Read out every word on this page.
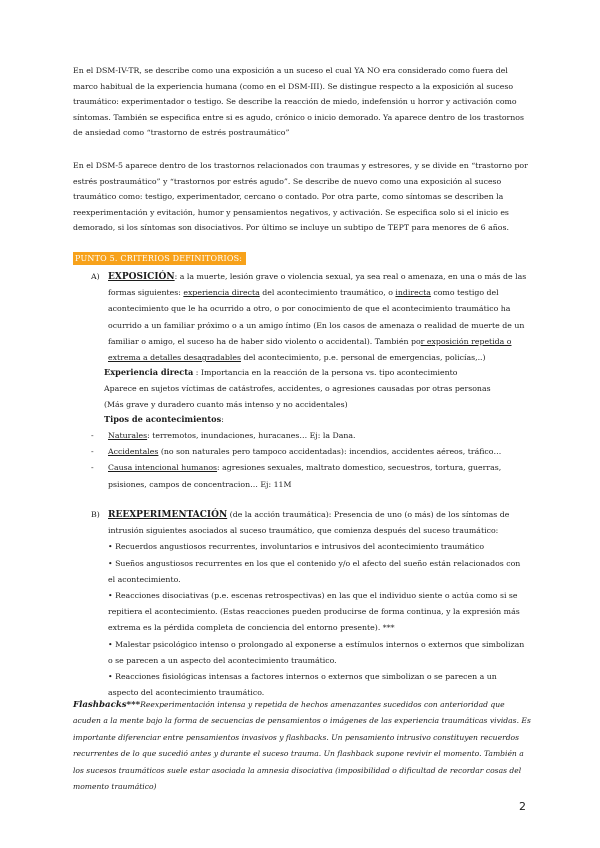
En el DSM-IV-TR, se describe como una exposición a un suceso el cual YA NO era considerado como fuera del marco habitual de la experiencia humana (como en el DSM-III). Se distingue respecto a la exposición al suceso traumático: experimentador o testigo. Se describe la reacción de miedo, indefensión u horror y activación como síntomas. También se especifica entre si es agudo, crónico o inicio demorado. Ya aparece dentro de los trastornos de ansiedad como “trastorno de estrés postraumático”

En el DSM-5 aparece dentro de los trastornos relacionados con traumas y estresores, y se divide en “trastorno por estrés postraumático” y “trastornos por estrés agudo”. Se describe de nuevo como una exposición al suceso traumático como: testigo, experimentador, cercano o contado. Por otra parte, como síntomas se describen la reexperimentación y evitación, humor y pensamientos negativos, y activación. Se especifica solo si el inicio es demorado, si los síntomas son disociativos. Por último se incluye un subtipo de TEPT para menores de 6 años.

PUNTO 5. CRITERIOS DEFINITORIOS:
A) EXPOSICIÓN: a la muerte, lesión grave o violencia sexual, ya sea real o amenaza, en una o más de las formas siguientes: experiencia directa del acontecimiento traumático, o indirecta como testigo del acontecimiento que le ha ocurrido a otro, o por conocimiento de que el acontecimiento traumático ha ocurrido a un familiar próximo o a un amigo íntimo (En los casos de amenaza o realidad de muerte de un familiar o amigo, el suceso ha de haber sido violento o accidental). También por exposición repetida o extrema a detalles desagradables del acontecimiento, p.e. personal de emergencias, policías,..)
Experiencia directa : Importancia en la reacción de la persona vs. tipo acontecimiento
Aparece en sujetos víctimas de catástrofes, accidentes, o agresiones causadas por otras personas (Más grave y duradero cuanto más intenso y no accidentales)
Tipos de acontecimientos:
- Naturales: terremotos, inundaciones, huracanes… Ej: la Dana.
- Accidentales (no son naturales pero tampoco accidentadas): incendios, accidentes aéreos, tráfico…
- Causa intencional humanos: agresiones sexuales, maltrato domestico, secuestros, tortura, guerras, psisiones, campos de concentracion… Ej: 11M
B) REEXPERIMENTACIÓN (de la acción traumática): Presencia de uno (o más) de los síntomas de intrusión siguientes asociados al suceso traumático, que comienza después del suceso traumático:
• Recuerdos angustiosos recurrentes, involuntarios e intrusivos del acontecimiento traumático
• Sueños angustiosos recurrentes en los que el contenido y/o el afecto del sueño están relacionados con el acontecimiento.
• Reacciones disociativas (p.e. escenas retrospectivas) en las que el individuo siente o actúa como si se repitiera el acontecimiento. (Estas reacciones pueden producirse de forma continua, y la expresión más extrema es la pérdida completa de conciencia del entorno presente). ***
• Malestar psicológico intenso o prolongado al exponerse a estímulos internos o externos que simbolizan o se parecen a un aspecto del acontecimiento traumático.
• Reacciones fisiológicas intensas a factores internos o externos que simbolizan o se parecen a un aspecto del acontecimiento traumático.
Flashbacks***Reexperimentación intensa y repetida de hechos amenazantes sucedidos con anterioridad que acuden a la mente bajo la forma de secuencias de pensamientos o imágenes de las experiencia traumáticas vividas. Es importante diferenciar entre pensamientos invasivos y flashbacks. Un pensamiento intrusivo constituyen recuerdos recurrentes de lo que sucedió antes y durante el suceso trauma. Un flashback supone revivir el momento. También a los sucesos traumáticos suele estar asociada la amnesia disociativa (imposibilidad o dificultad de recordar cosas del momento traumático)
2
